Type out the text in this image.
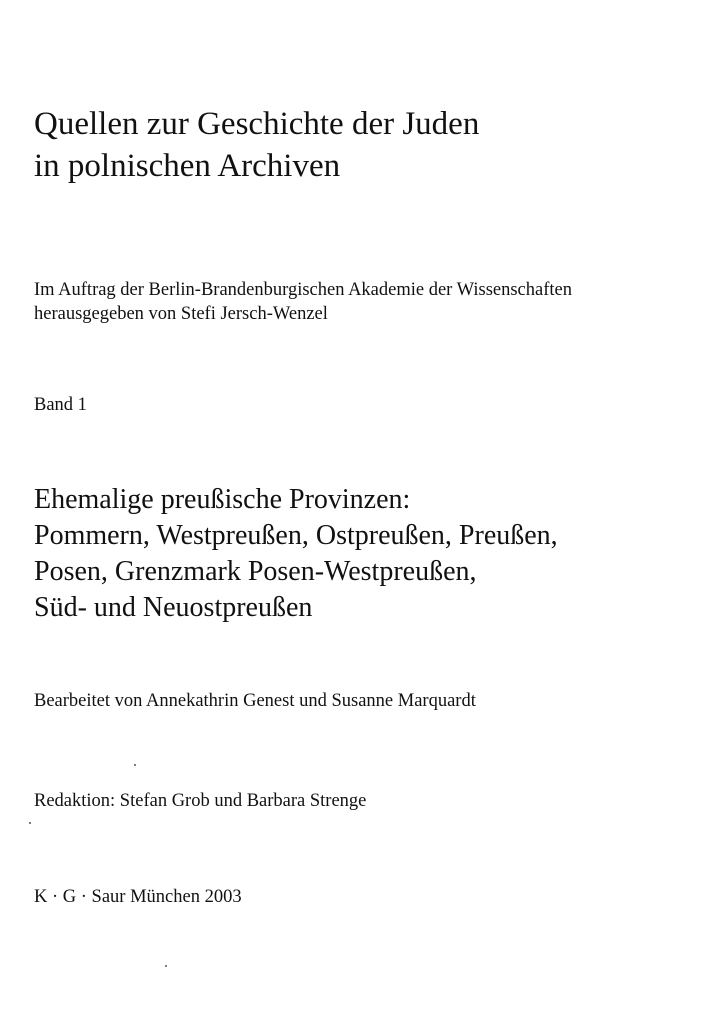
Quellen zur Geschichte der Juden
in polnischen Archiven

Im Auftrag der Berlin-Brandenburgischen Akademie der Wissenschaften
herausgegeben von Stefi Jersch-Wenzel

Band 1

Ehemalige preußische Provinzen:
Pommern, Westpreußen, Ostpreußen, Preußen,
Posen, Grenzmark Posen-Westpreußen,
Süd- und Neuostpreußen

Bearbeitet von Annekathrin Genest und Susanne Marquardt

Redaktion: Stefan Grob und Barbara Strenge

K · G · Saur München 2003
